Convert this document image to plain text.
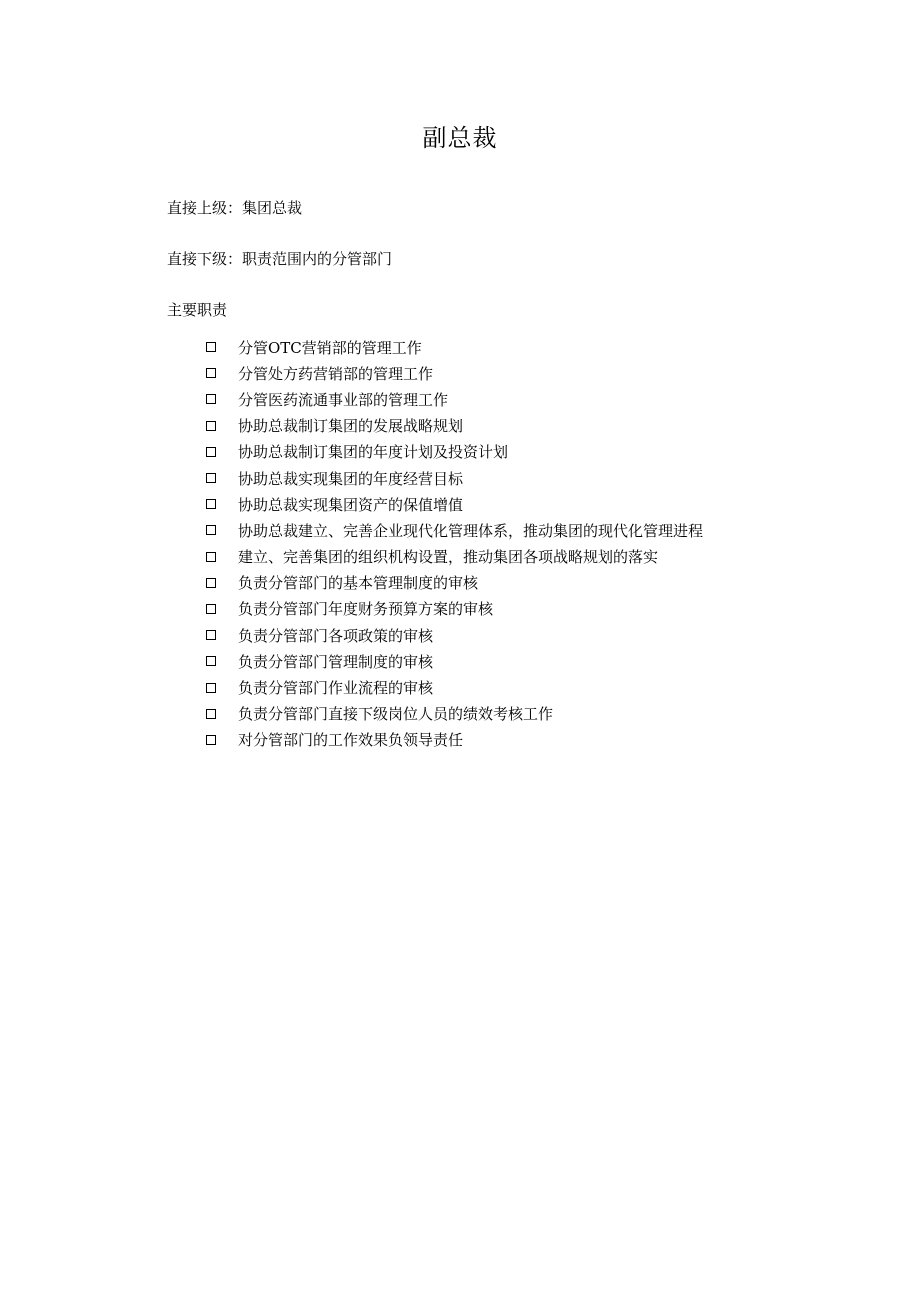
副总裁
直接上级：集团总裁
直接下级：职责范围内的分管部门
主要职责
分管OTC营销部的管理工作
分管处方药营销部的管理工作
分管医药流通事业部的管理工作
协助总裁制订集团的发展战略规划
协助总裁制订集团的年度计划及投资计划
协助总裁实现集团的年度经营目标
协助总裁实现集团资产的保值增值
协助总裁建立、完善企业现代化管理体系，推动集团的现代化管理进程
建立、完善集团的组织机构设置，推动集团各项战略规划的落实
负责分管部门的基本管理制度的审核
负责分管部门年度财务预算方案的审核
负责分管部门各项政策的审核
负责分管部门管理制度的审核
负责分管部门作业流程的审核
负责分管部门直接下级岗位人员的绩效考核工作
对分管部门的工作效果负领导责任
